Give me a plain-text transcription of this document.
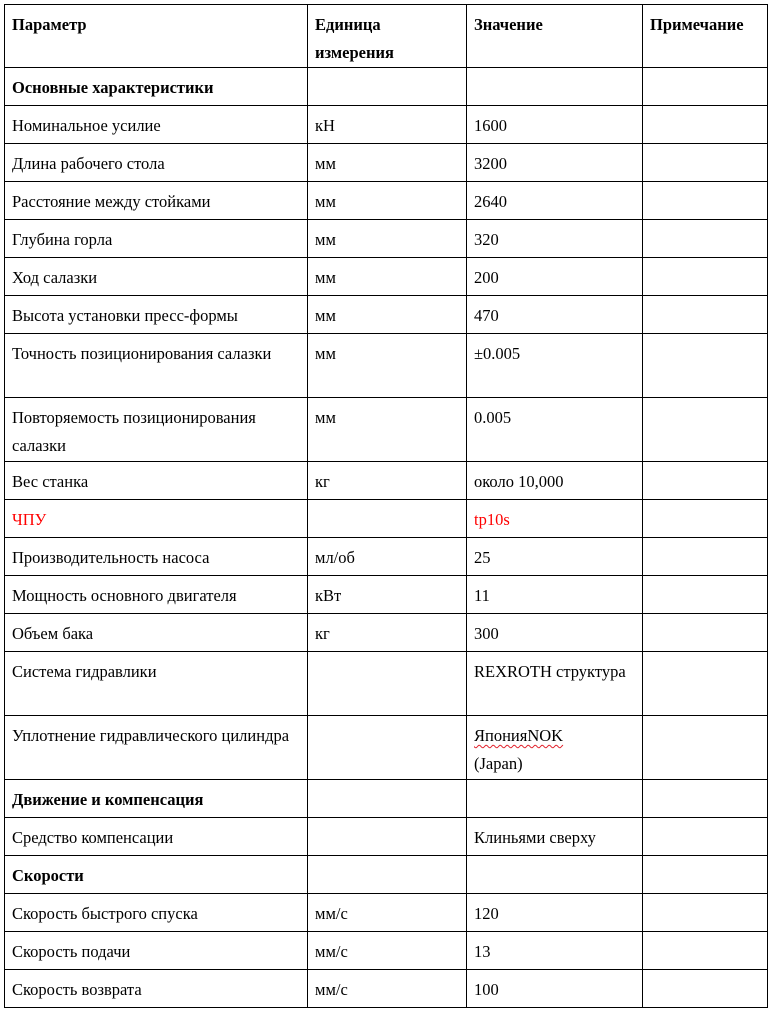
Параметр	Единица измерения	Значение	Примечание
Основные характеристики			
Номинальное усилие	кН	1600	
Длина рабочего стола	мм	3200	
Расстояние между стойками	мм	2640	
Глубина горла	мм	320	
Ход салазки	мм	200	
Высота установки пресс-формы	мм	470	
Точность позиционирования салазки	мм	±0.005	
Повторяемость позиционирования салазки	мм	0.005	
Вес станка	кг	около 10,000	
ЧПУ		tp10s	
Производительность насоса	мл/об	25	
Мощность основного двигателя	кВт	11	
Объем бака	кг	300	
Система гидравлики		REXROTH структура	
Уплотнение гидравлического цилиндра		ЯпонияNOK
(Japan)	
Движение и компенсация			
Средство компенсации		Клиньями сверху	
Скорости			
Скорость быстрого спуска	мм/с	120	
Скорость подачи	мм/с	13	
Скорость возврата	мм/с	100	
